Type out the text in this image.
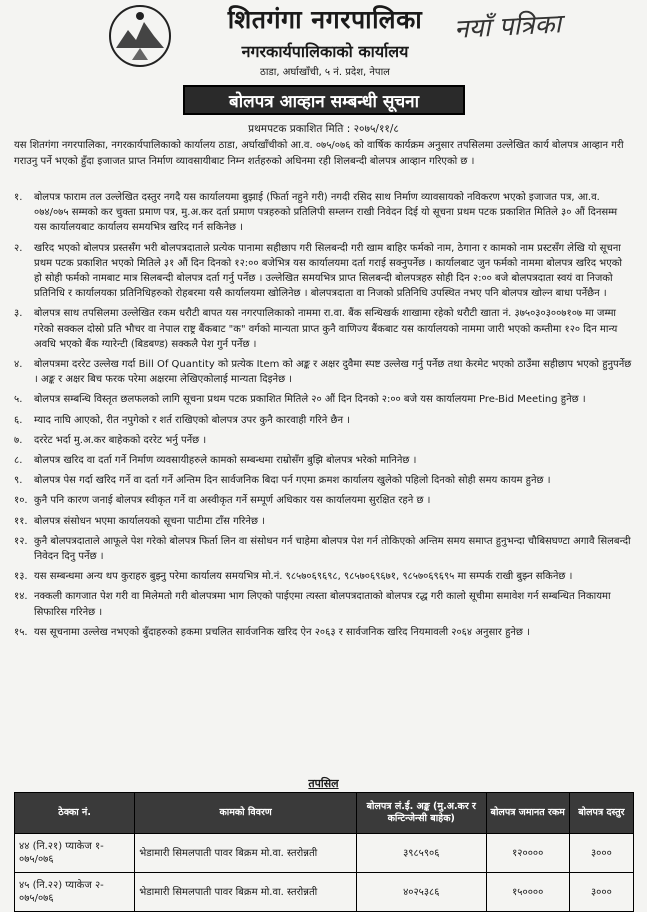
शितगंगा नगरपालिका	नयाँ पत्रिका
नगरकार्यपालिकाको कार्यालय
ठाडा, अर्घाखाँची, ५ नं. प्रदेश, नेपाल
बोलपत्र आव्हान सम्बन्धी सूचना
प्रथमपटक प्रकाशित मिति : २०७५/११/८
यस शितगंगा नगरपालिका, नगरकार्यपालिकाको कार्यालय ठाडा, अर्घाखाँचीको आ.व. ०७५/०७६ को वार्षिक कार्यक्रम अनुसार तपसिलमा उल्लेखित कार्य बोलपत्र आव्हान गरी गराउनु पर्ने भएको हुँदा इजाजत प्राप्त निर्माण व्यावसायीबाट निम्न शर्तहरुको अधिनमा रही शिलबन्दी बोलपत्र आव्हान गरिएको छ ।
१.	बोलपत्र फाराम तल उल्लेखित दस्तुर नगदै यस कार्यालयमा बुझाई (फिर्ता नहुने गरी) नगदी रसिद साथ निर्माण व्यावसायको नविकरण भएको इजाजत पत्र, आ.व. ०७४/०७५ सम्मको कर चुक्ता प्रमाण पत्र, मु.अ.कर दर्ता प्रमाण पत्रहरुको प्रतिलिपी सम्लग्न राखी निवेदन दिई यो सूचना प्रथम पटक प्रकाशित मितिले ३० औं दिनसम्म यस कार्यालयबाट कार्यालय समयभित्र खरिद गर्न सकिनेछ ।
२.	खरिद भएको बोलपत्र प्रस्तसँग भरी बोलपत्रदाताले प्रत्येक पानामा सहीछाप गरी सिलबन्दी गरी खाम बाहिर फर्मको नाम, ठेगाना र कामको नाम प्रस्टसँग लेखि यो सूचना प्रथम पटक प्रकाशित भएको मितिले ३१ औं दिन दिनको १२:०० बजेभित्र यस कार्यालयमा दर्ता गराई सक्नुपर्नेछ । कार्यालबाट जुन फर्मको नाममा बोलपत्र खरिद भएको हो सोही फर्मको नामबाट मात्र सिलबन्दी बोलपत्र दर्ता गर्नु पर्नेछ । उल्लेखित समयभित्र प्राप्त सिलबन्दी बोलपत्रहरु सोही दिन २:०० बजे बोलपत्रदाता स्वयं वा निजको प्रतिनिधि र कार्यालयका प्रतिनिधिहरुको रोहबरमा यसै कार्यालयमा खोलिनेछ । बोलपत्रदाता वा निजको प्रतिनिधि उपस्थित नभए पनि बोलपत्र खोल्न बाधा पर्नेछैन ।
३.	बोलपत्र साथ तपसिलमा उल्लेखित रकम धरौटी बापत यस नगरपालिकाको नाममा रा.वा. बैंक सन्धिखर्क शाखामा रहेको धरौटी खाता नं. ३७५०३०३००७१०७ मा जम्मा गरेको सक्कल दोस्रो प्रति भौचर वा नेपाल राष्ट्र बैंकबाट "क" वर्गको मान्यता प्राप्त कुनै वाणिज्य बैंकबाट यस कार्यालयको नाममा जारी भएको कम्तीमा १२० दिन मान्य अवधि भएको बैंक ग्यारेन्टी (बिडबण्ड) सक्कलै पेश गुर्न पर्नेछ ।
४.	बोलपत्रमा दररेट उल्लेख गर्दा Bill Of Quantity को प्रत्येक Item को अङ्क र अक्षर दुवैमा स्पष्ट उल्लेख गर्नु पर्नेछ तथा केरमेट भएको ठाउँमा सहीछाप भएको हुनुपर्नेछ । अङ्क र अक्षर बिच फरक परेमा अक्षरमा लेखिएकोलाई मान्यता दिइनेछ ।
५.	बोलपत्र सम्बन्धि विस्तृत छलफलको लागि सूचना प्रथम पटक प्रकाशित मितिले २० औं दिन दिनको २:०० बजे यस कार्यालयमा Pre-Bid Meeting हुनेछ ।
६.	म्याद नाघि आएको, रीत नपुगेको र शर्त राखिएको बोलपत्र उपर कुनै कारवाही गरिने छैन ।
७.	दररेट भर्दा मु.अ.कर बाहेकको दररेट भर्नु पर्नेछ ।
८.	बोलपत्र खरिद वा दर्ता गर्ने निर्माण व्यवसायीहरुले कामको सम्बन्धमा राम्रोसँग बुझि बोलपत्र भरेको मानिनेछ ।
९.	बोलपत्र पेस गर्दा खरिद गर्ने वा दर्ता गर्ने अन्तिम दिन सार्वजनिक बिदा पर्न गएमा क्रमश कार्यालय खुलेको पहिलो दिनको सोही समय कायम हुनेछ ।
१०. कुनै पनि कारण जनाई बोलपत्र स्वीकृत गर्ने वा अस्वीकृत गर्ने सम्पूर्ण अधिकार यस कार्यालयमा सुरक्षित रहने छ ।
११. बोलपत्र संसोधन भएमा कार्यालयको सूचना पाटीमा टाँस गरिनेछ ।
१२. कुनै बोलपत्रदाताले आफूले पेश गरेको बोलपत्र फिर्ता लिन वा संसोधन गर्न चाहेमा बोलपत्र पेश गर्न तोकिएको अन्तिम समय समाप्त हुनुभन्दा चौबिसघण्टा अगावै सिलबन्दी निवेदन दिनु पर्नेछ ।
१३. यस सम्बन्धमा अन्य थप कुराहरु बुझ्नु परेमा कार्यालय समयभित्र मो.नं. ९८५७०६९६९८, ९८५७०६९६७१, ९८५७०६९६९५ मा सम्पर्क राखी बुझ्न सकिनेछ ।
१४. नक्कली कागजात पेश गरी वा मिलेमतो गरी बोलपत्रमा भाग लिएको पाईएमा त्यस्ता बोलपत्रदाताको बोलपत्र रद्ध गरी कालो सूचीमा समावेश गर्न सम्बन्धित निकायमा सिफारिस गरिनेछ ।
१५. यस सूचनामा उल्लेख नभएको बुँदाहरुको हकमा प्रचलित सार्वजनिक खरिद ऐन २०६३ र सार्वजनिक खरिद नियमावली २०६४ अनुसार हुनेछ ।
तपसिल
ठेक्का नं.	कामको विवरण	बोलपत्र लं.ई. अङ्क (मु.अ.कर र कन्टिन्जेन्सी बाहेक)	बोलपत्र जमानत रकम	बोलपत्र दस्तुर
४४ (नि.२१) प्याकेज १- ०७५/०७६	भेडामारी सिमलपाती पावर बिक्रम मो.वा. स्तरोन्नती	३९८५९०६	१२००००	३०००
४५ (नि.२२) प्याकेज २- ०७५/०७६	भेडामारी सिमलपाती पावर बिक्रम मो.वा. स्तरोन्नती	४०२५३८६	१५००००	३०००
